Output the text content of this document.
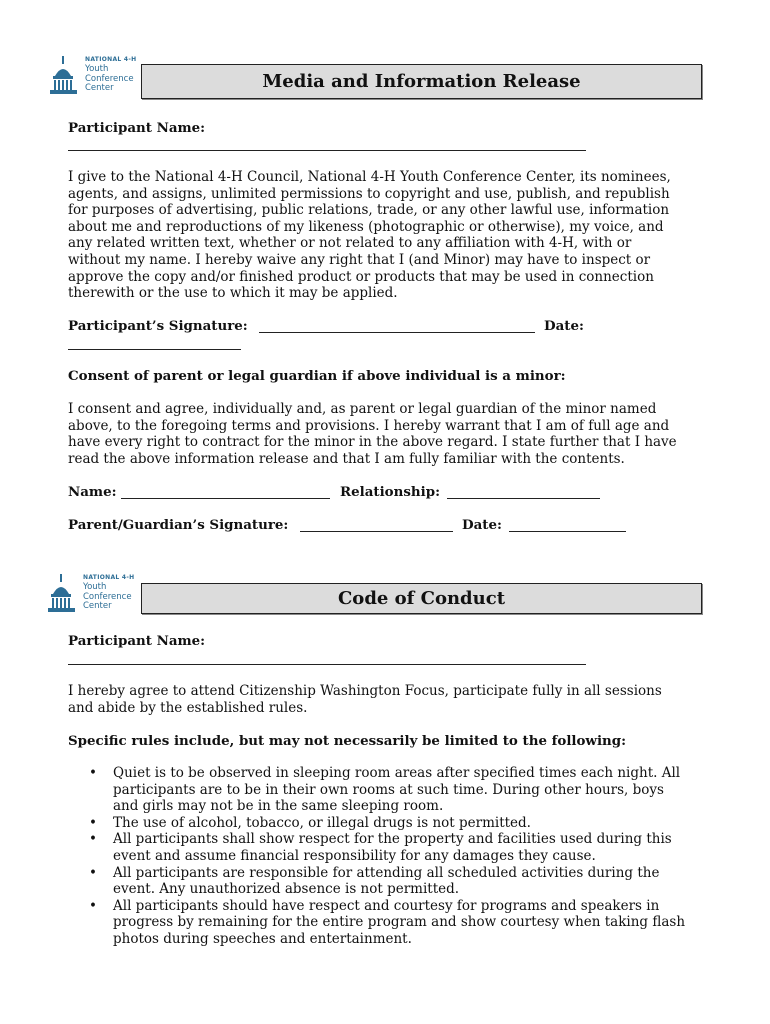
NATIONAL 4-H
Youth
Conference
Center	Media and Information Release
Participant Name:
I give to the National 4-H Council, National 4-H Youth Conference Center, its nominees,
agents, and assigns, unlimited permissions to copyright and use, publish, and republish
for purposes of advertising, public relations, trade, or any other lawful use, information
about me and reproductions of my likeness (photographic or otherwise), my voice, and
any related written text, whether or not related to any affiliation with 4-H, with or
without my name. I hereby waive any right that I (and Minor) may have to inspect or
approve the copy and/or finished product or products that may be used in connection
therewith or the use to which it may be applied.
Participant’s Signature:	Date:
Consent of parent or legal guardian if above individual is a minor:
I consent and agree, individually and, as parent or legal guardian of the minor named
above, to the foregoing terms and provisions. I hereby warrant that I am of full age and
have every right to contract for the minor in the above regard. I state further that I have
read the above information release and that I am fully familiar with the contents.
Name:	Relationship:
Parent/Guardian’s Signature:	Date:
NATIONAL 4-H
Youth
Conference
Center	Code of Conduct
Participant Name:
I hereby agree to attend Citizenship Washington Focus, participate fully in all sessions
and abide by the established rules.
Specific rules include, but may not necessarily be limited to the following:
• Quiet is to be observed in sleeping room areas after specified times each night. All
participants are to be in their own rooms at such time. During other hours, boys
and girls may not be in the same sleeping room.
• The use of alcohol, tobacco, or illegal drugs is not permitted.
• All participants shall show respect for the property and facilities used during this
event and assume financial responsibility for any damages they cause.
• All participants are responsible for attending all scheduled activities during the
event. Any unauthorized absence is not permitted.
• All participants should have respect and courtesy for programs and speakers in
progress by remaining for the entire program and show courtesy when taking flash
photos during speeches and entertainment.
